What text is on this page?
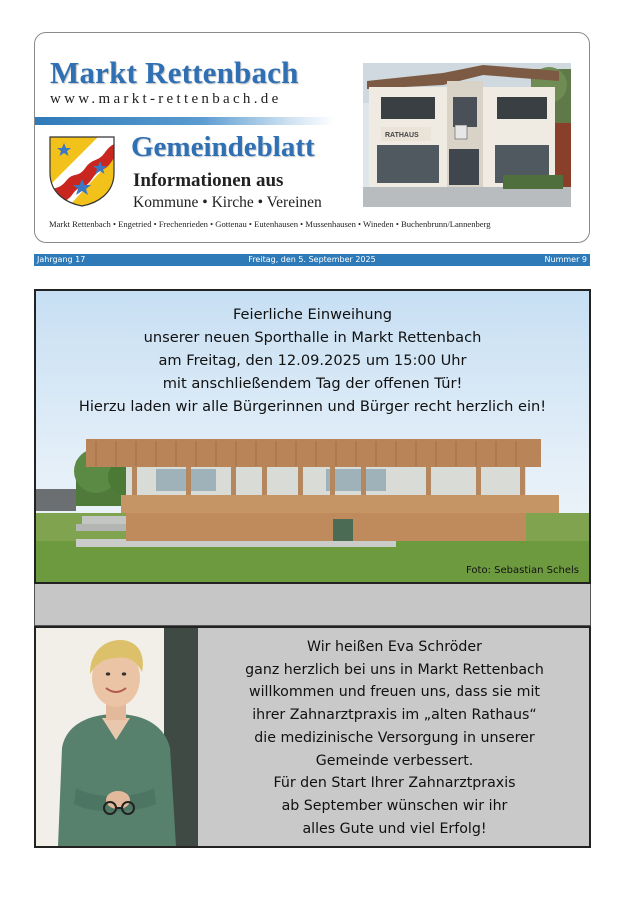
Markt Rettenbach

www.markt-rettenbach.de

Gemeindeblatt

Informationen aus

Kommune • Kirche • Vereinen

Markt Rettenbach • Engetried • Frechenrieden • Gottenau • Eutenhausen • Mussenhausen • Wineden • Buchenbrunn/Lannenberg

RATHAUS
Jahrgang 17	Freitag, den 5. September 2025	Nummer 9
Feierliche Einweihung
unserer neuen Sporthalle in Markt Rettenbach
am Freitag, den 12.09.2025 um 15:00 Uhr
mit anschließendem Tag der offenen Tür!
Hierzu laden wir alle Bürgerinnen und Bürger recht herzlich ein!
Foto: Sebastian Schels
Wir heißen Eva Schröder
ganz herzlich bei uns in Markt Rettenbach
willkommen und freuen uns, dass sie mit
ihrer Zahnarztpraxis im „alten Rathaus“
die medizinische Versorgung in unserer
Gemeinde verbessert.
Für den Start Ihrer Zahnarztpraxis
ab September wünschen wir ihr
alles Gute und viel Erfolg!
